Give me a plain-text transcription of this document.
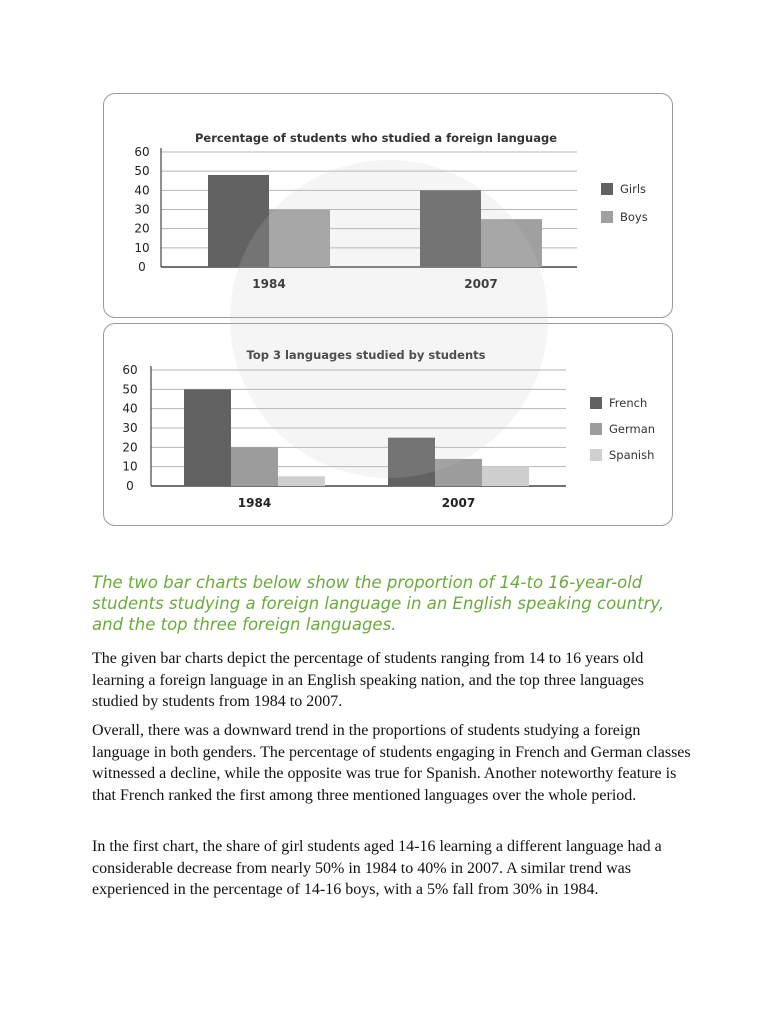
Percentage of students who studied a foreign language
60
50
40
30
20
10
0
1984	2007
Girls
Boys
Top 3 languages studied by students
60
50
40
30
20
10
0
1984	2007
French
German
Spanish

The two bar charts below show the proportion of 14-to 16-year-old students studying a foreign language in an English speaking country, and the top three foreign languages.

The given bar charts depict the percentage of students ranging from 14 to 16 years old learning a foreign language in an English speaking nation, and the top three languages studied by students from 1984 to 2007.

Overall, there was a downward trend in the proportions of students studying a foreign language in both genders. The percentage of students engaging in French and German classes witnessed a decline, while the opposite was true for Spanish. Another noteworthy feature is that French ranked the first among three mentioned languages over the whole period.

In the first chart, the share of girl students aged 14-16 learning a different language had a considerable decrease from nearly 50% in 1984 to 40% in 2007. A similar trend was experienced in the percentage of 14-16 boys, with a 5% fall from 30% in 1984.
